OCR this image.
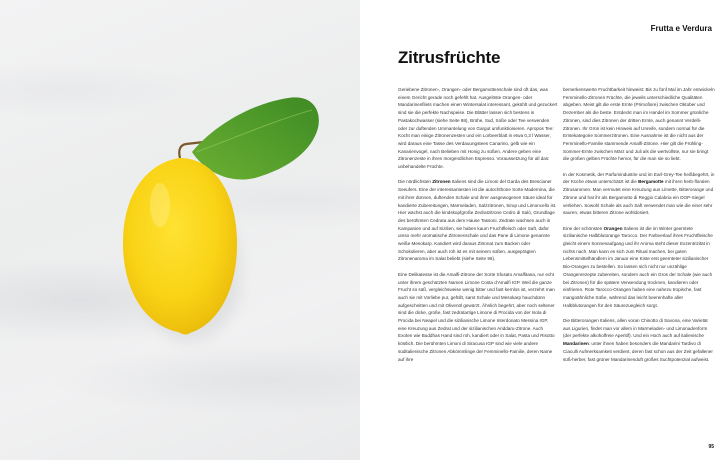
Frutta e Verdura
Zitrusfrüchte

Geriebene Zitronen-, Orangen- oder Bergamottenschale sind oft das, was einem Gericht gerade noch gefehlt hat. Ausgelöste Orangen- oder Mandarinenfilets machen einen Wintersalat interessant, gekühlt und gezuckert sind sie die perfekte Nachspeise. Die Blätter lassen sich bestens in Pastakochwasser (siehe Seite 98), Brühe, Sud, Soße oder Tee verwenden oder zur duftenden Ummantelung von Gargut umfunktionieren. Apropos Tee: Kocht man einige Zitronenzesten und ein Lorbeerblatt in etwa 0,3 l Wasser, wird daraus eine Tasse des Verdauungstees Canarino, gelb wie ein Kanarienvogel, nach Belieben mit Honig zu süßen. Andere geben eine Zitronenzeste in ihren morgendlichen Espresso. Voraussetzung für all das: unbehandelte Früchte.

Die nördlichsten Zitronen Italiens sind die Limoni del Garda des Brescianer Seeufers. Eine der interessantesten ist die autochthone Sorte Madernina, die mit ihrer dünnen, duftenden Schale und ihrer ausgewogenen Säure ideal für kandierte Zubereitungen, Marmeladen, Salzzitronen, Sirup und Limoncello ist. Hier wächst auch die kindskopfgroße Zedratzitrone Cedro di Salò, Grundlage des berühmten Cedrata aus dem Hause Tassoni. Zedrate wachsen auch in Kampanien und auf Sizilien, sie haben kaum Fruchtfleisch oder Saft, dafür umso mehr aromatische Zitronenschale und das Pane di Limone genannte weiße Mesokarp. Kandiert wird daraus Zitronat zum Backen oder Schokolieren, aber auch roh ist es mit seinem süßen, ausgeprägten Zitronenaroma im Salat beliebt (siehe Seite 96).

Eine Delikatesse ist die Amalfi-Zitrone der Sorte Sfusato Amalfitana, nur echt unter ihrem geschützten Namen Limone Costa d’Amalfi IGP. Weil die ganze Frucht so süß, vergleichsweise wenig bitter und fast kernlos ist, verzehrt man auch sie mit Vorliebe pur, gefüllt, samt Schale und Mesokarp hauchdünn aufgeschnitten und mit Olivenöl gewürzt. Ähnlich begehrt, aber noch seltener sind die dicke, große, fast zedratartige Limone di Procida von der Isola di Procida bei Neapel und die sizilianische Limone Interdonato Messina IGP, eine Kreuzung aus Zedrat und der sizilianischen Ariddaru-Zitrone. Auch Exoten wie Buddhas Hand sind roh, kandiert oder in Salat, Pasta und Risotto köstlich. Die berühmten Limoni di Siracusa IGP sind wie viele andere süditalienische Zitronen Abkömmlinge der Femminello-Familie, deren Name auf ihre

bemerkenswerte Fruchtbarkeit hinweist: Bis zu fünf Mal im Jahr entwickeln Femminello-Zitronen Früchte, die jeweils unterschiedliche Qualitäten abgeben. Meist gilt die erste Ernte (Primofiore) zwischen Oktober und Dezember als die beste. Entdeckt man im Handel im Sommer grünliche Zitronen, sind dies Zitronen der dritten Ernte, auch genannt Verdelli-Zitronen. Ihr Grün ist kein Hinweis auf Unreife, sondern normal für die Erntekategorie Sommerzitronen. Eine Ausnahme ist die nicht aus der Femminello-Familie stammende Amalfi-Zitrone. Hier gilt die Frühling-Sommer-Ernte zwischen März und Juli als die wertvollste, nur sie bringt die großen gelben Früchte hervor, für die man sie so liebt.

In der Kosmetik, der Parfumindustrie und im Earl-Grey-Tee heißbegehrt, in der Küche etwas unterschätzt ist die Bergamotte mit ihren herb-floralen Zitrusaromen. Man vermutet eine Kreuzung aus Limette, Bitterorange und Zitrone und hat ihr als Bergamotto di Reggio Calabria ein DOP-Siegel verliehen. Sowohl Schale als auch Saft verwendet man wie die einer sehr sauren, etwas bitteren Zitrone wohldosiert.

Eine der schönsten Orangen Italiens ist die im Winter geerntete sizilianische Halbblutorange Tarocco. Der Farbverlauf ihres Fruchtfleische gleicht einem Sonnenaufgang und ihr Aroma steht dieser Exzentrizität in nichts nach. Man kann es sich zum Ritual machen, bei guten Lebensmittelhändlern im Januar eine Kiste erst geernteter sizilianischer Bio-Orangen zu bestellen. So lassen sich nicht nur unzählige Orangenrezepte zubereiten, sondern auch ein Gros der Schale (wie auch bei Zitronen) für die spätere Verwendung trocknen, kandieren oder einfrieren. Rote Tarocco-Orangen haben eine nahezu tropische, fast mangoähnliche Süße, während das leicht beerenhafte aller Halbblutorangen für den Säurezuegleich sorgt.

Die Bitterorangen Italiens, allen voran Chinotto di Savona, eine Varietät aus Ligurien, findet man vor allem in Marmeladen- und Limonadenform (der perfekte alkoholfreie Aperitif). Und ein Hoch auch auf italienische Mandarinen: unter ihnen haben besonders die Mandarini Tardivo di Ciaculli Aufmerksamkeit verdient, deren fast schon aus der Zeit gefallener süß-herber, fast grüner Mandarinenduft großes Suchtpotenzial aufweist.

95
